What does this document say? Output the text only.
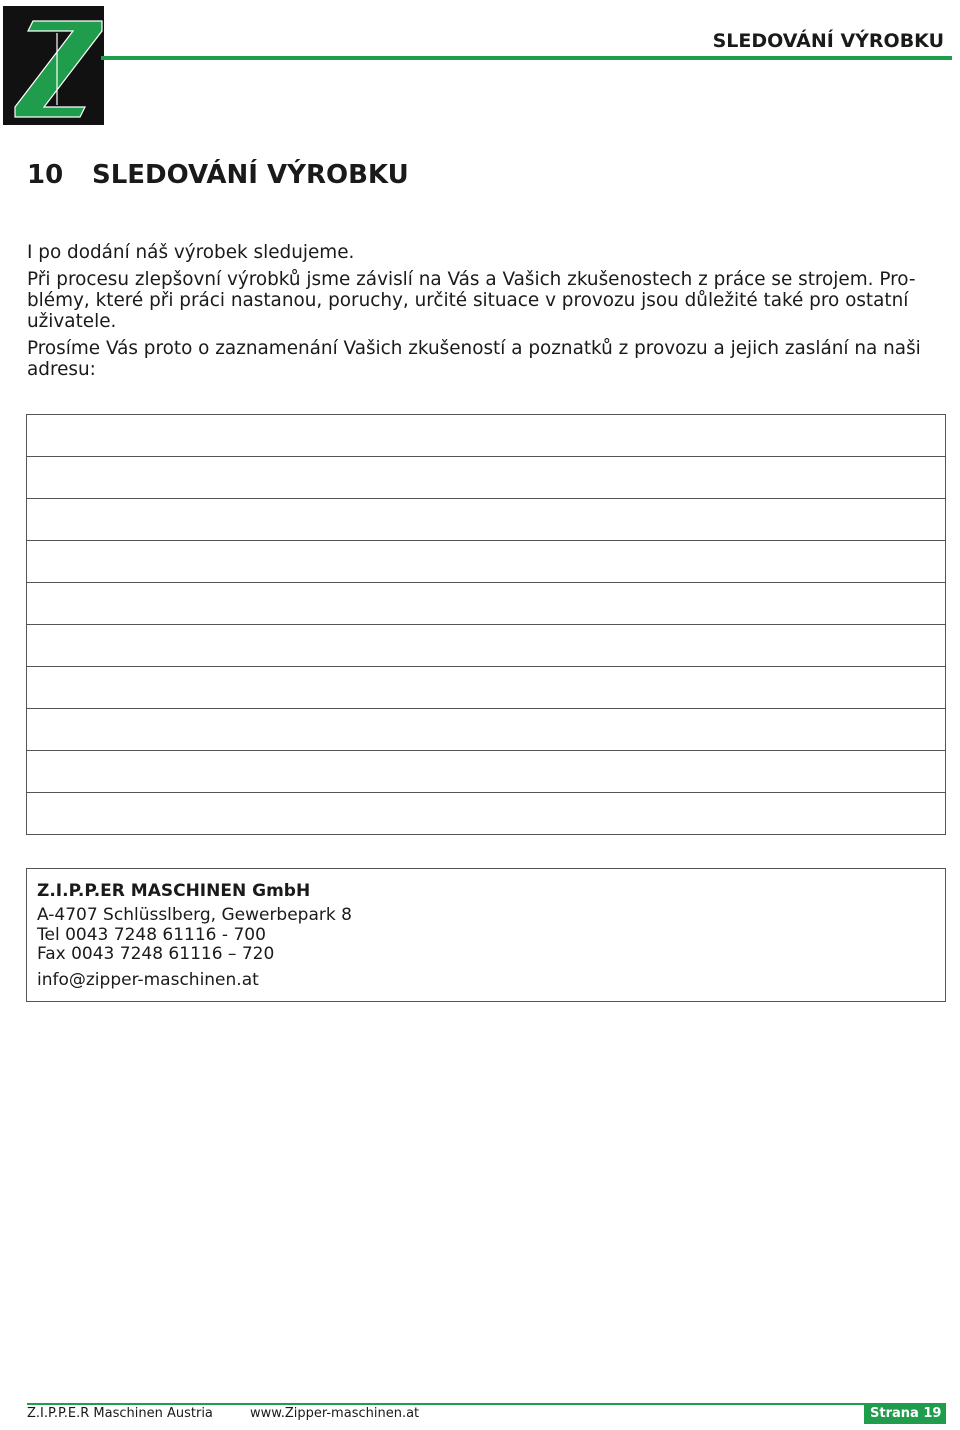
SLEDOVÁNÍ VÝROBKU
10 SLEDOVÁNÍ VÝROBKU
I po dodání náš výrobek sledujeme.
Při procesu zlepšovní výrobků jsme závislí na Vás a Vašich zkušenostech z práce se strojem. Pro-
blémy, které při práci nastanou, poruchy, určité situace v provozu jsou důležité také pro ostatní
uživatele.
Prosíme Vás proto o zaznamenání Vašich zkušeností a poznatků z provozu a jejich zaslání na naši
adresu:
Z.I.P.P.ER MASCHINEN GmbH
A-4707 Schlüsslberg, Gewerbepark 8
Tel 0043 7248 61116 - 700
Fax 0043 7248 61116 – 720
info@zipper-maschinen.at
Z.I.P.P.E.R Maschinen Austria	www.Zipper-maschinen.at	Strana 19
